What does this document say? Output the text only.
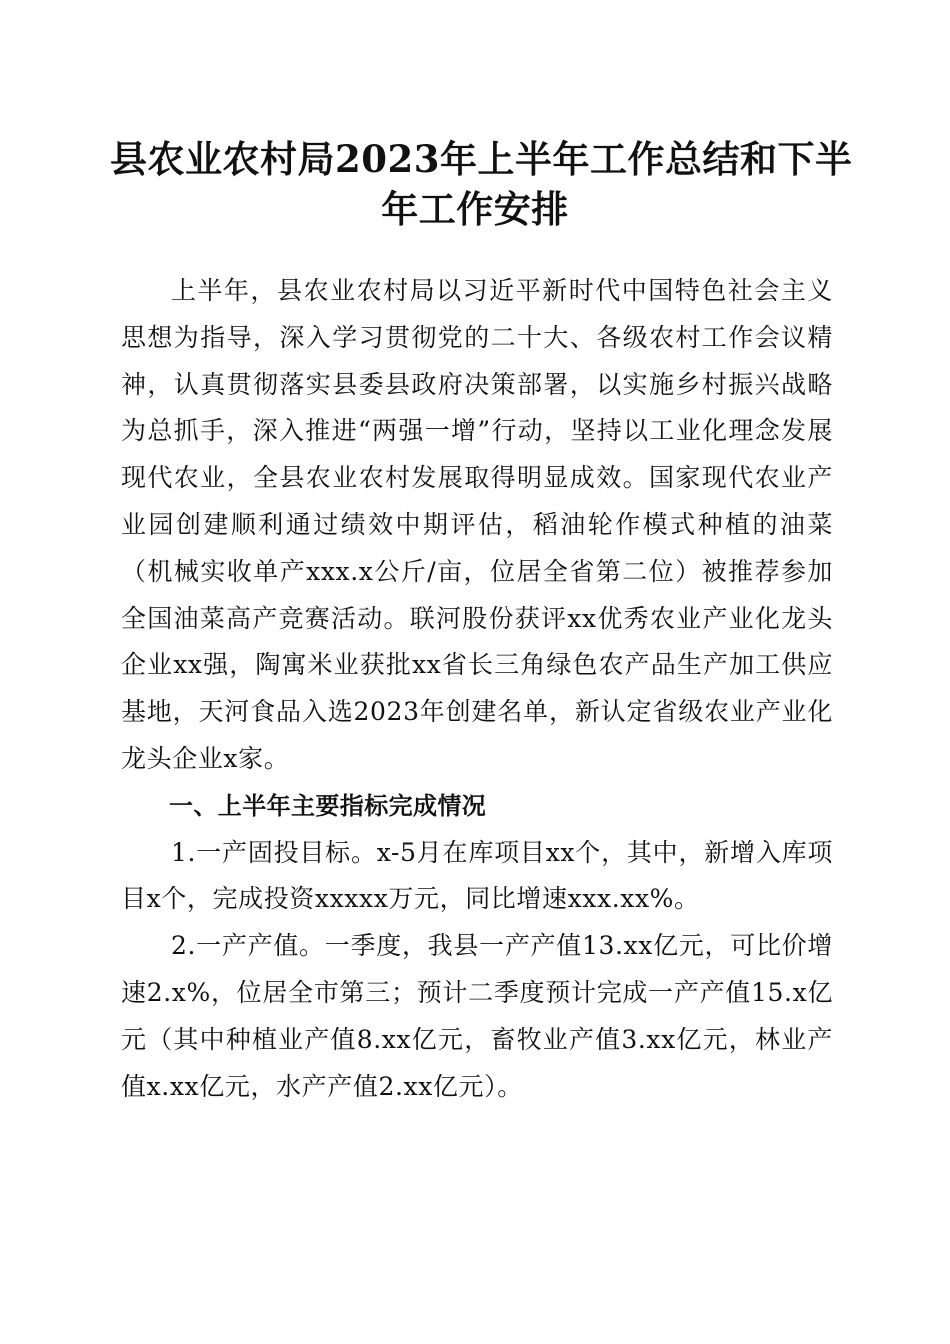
县农业农村局2023年上半年工作总结和下半
年工作安排

上半年，县农业农村局以习近平新时代中国特色社会主义思想为指导，深入学习贯彻党的二十大、各级农村工作会议精神，认真贯彻落实县委县政府决策部署，以实施乡村振兴战略为总抓手，深入推进“两强一增”行动，坚持以工业化理念发展现代农业，全县农业农村发展取得明显成效。国家现代农业产业园创建顺利通过绩效中期评估，稻油轮作模式种植的油菜（机械实收单产xxx.x公斤/亩，位居全省第二位）被推荐参加全国油菜高产竞赛活动。联河股份获评xx优秀农业产业化龙头企业xx强，陶寓米业获批xx省长三角绿色农产品生产加工供应基地，天河食品入选2023年创建名单，新认定省级农业产业化龙头企业x家。

一、上半年主要指标完成情况

1.一产固投目标。x-5月在库项目xx个，其中，新增入库项目x个，完成投资xxxxx万元，同比增速xxx.xx%。

2.一产产值。一季度，我县一产产值13.xx亿元，可比价增速2.x%，位居全市第三；预计二季度预计完成一产产值15.x亿元（其中种植业产值8.xx亿元，畜牧业产值3.xx亿元，林业产值x.xx亿元，水产产值2.xx亿元）。
